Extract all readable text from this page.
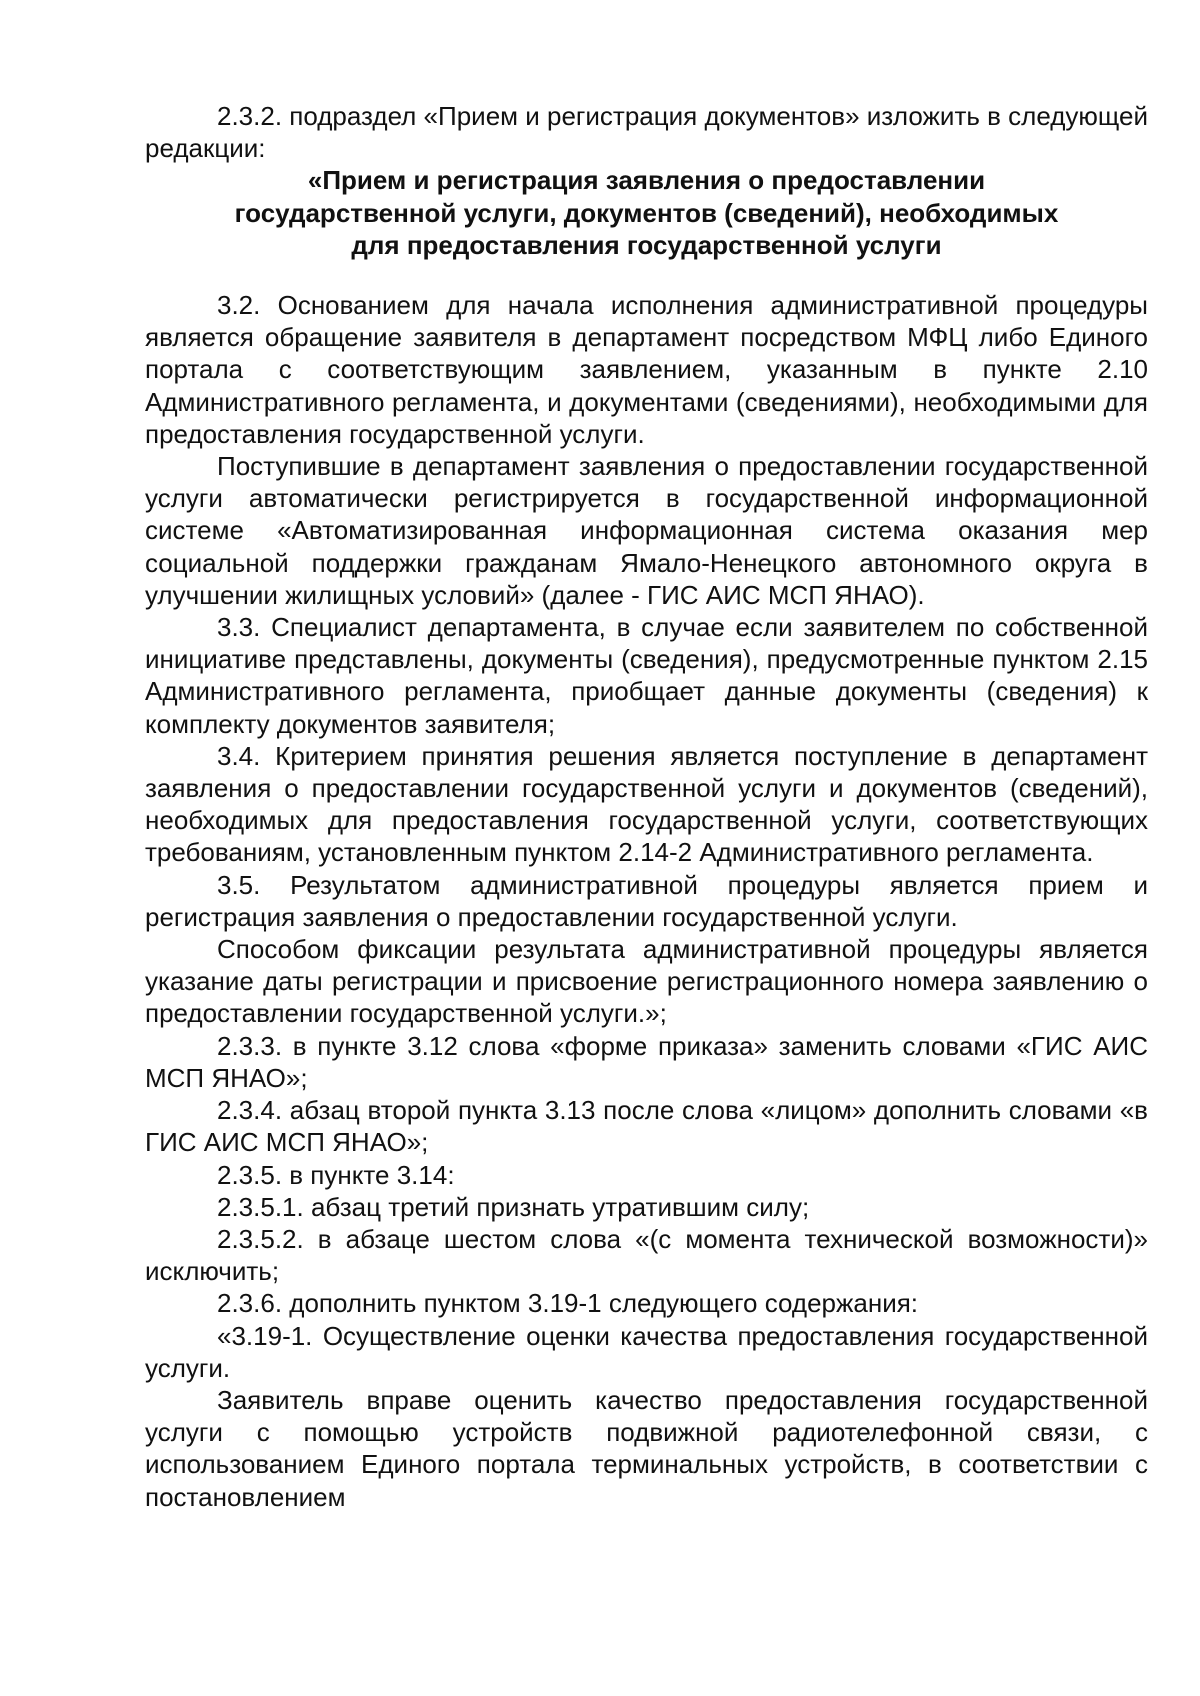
2.3.2. подраздел «Прием и регистрация документов» изложить в следующей редакции:

«Прием и регистрация заявления о предоставлении
государственной услуги, документов (сведений), необходимых
для предоставления государственной услуги

3.2. Основанием для начала исполнения административной процедуры является обращение заявителя в департамент посредством МФЦ либо Единого портала с соответствующим заявлением, указанным в пункте 2.10 Административного регламента, и документами (сведениями), необходимыми для предоставления государственной услуги.

Поступившие в департамент заявления о предоставлении государственной услуги автоматически регистрируется в государственной информационной системе «Автоматизированная информационная система оказания мер социальной поддержки гражданам Ямало-Ненецкого автономного округа в улучшении жилищных условий» (далее - ГИС АИС МСП ЯНАО).

3.3. Специалист департамента, в случае если заявителем по собственной инициативе представлены, документы (сведения), предусмотренные пунктом 2.15 Административного регламента, приобщает данные документы (сведения) к комплекту документов заявителя;

3.4. Критерием принятия решения является поступление в департамент заявления о предоставлении государственной услуги и документов (сведений), необходимых для предоставления государственной услуги, соответствующих требованиям, установленным пунктом 2.14-2 Административного регламента.

3.5. Результатом административной процедуры является прием и регистрация заявления о предоставлении государственной услуги.

Способом фиксации результата административной процедуры является указание даты регистрации и присвоение регистрационного номера заявлению о предоставлении государственной услуги.»;

2.3.3. в пункте 3.12 слова «форме приказа» заменить словами «ГИС АИС МСП ЯНАО»;

2.3.4. абзац второй пункта 3.13 после слова «лицом» дополнить словами «в ГИС АИС МСП ЯНАО»;

2.3.5. в пункте 3.14:

2.3.5.1. абзац третий признать утратившим силу;

2.3.5.2. в абзаце шестом слова «(с момента технической возможности)» исключить;

2.3.6. дополнить пунктом 3.19-1 следующего содержания:

«3.19-1. Осуществление оценки качества предоставления государственной услуги.

Заявитель вправе оценить качество предоставления государственной услуги с помощью устройств подвижной радиотелефонной связи, с использованием Единого портала терминальных устройств, в соответствии с постановлением
